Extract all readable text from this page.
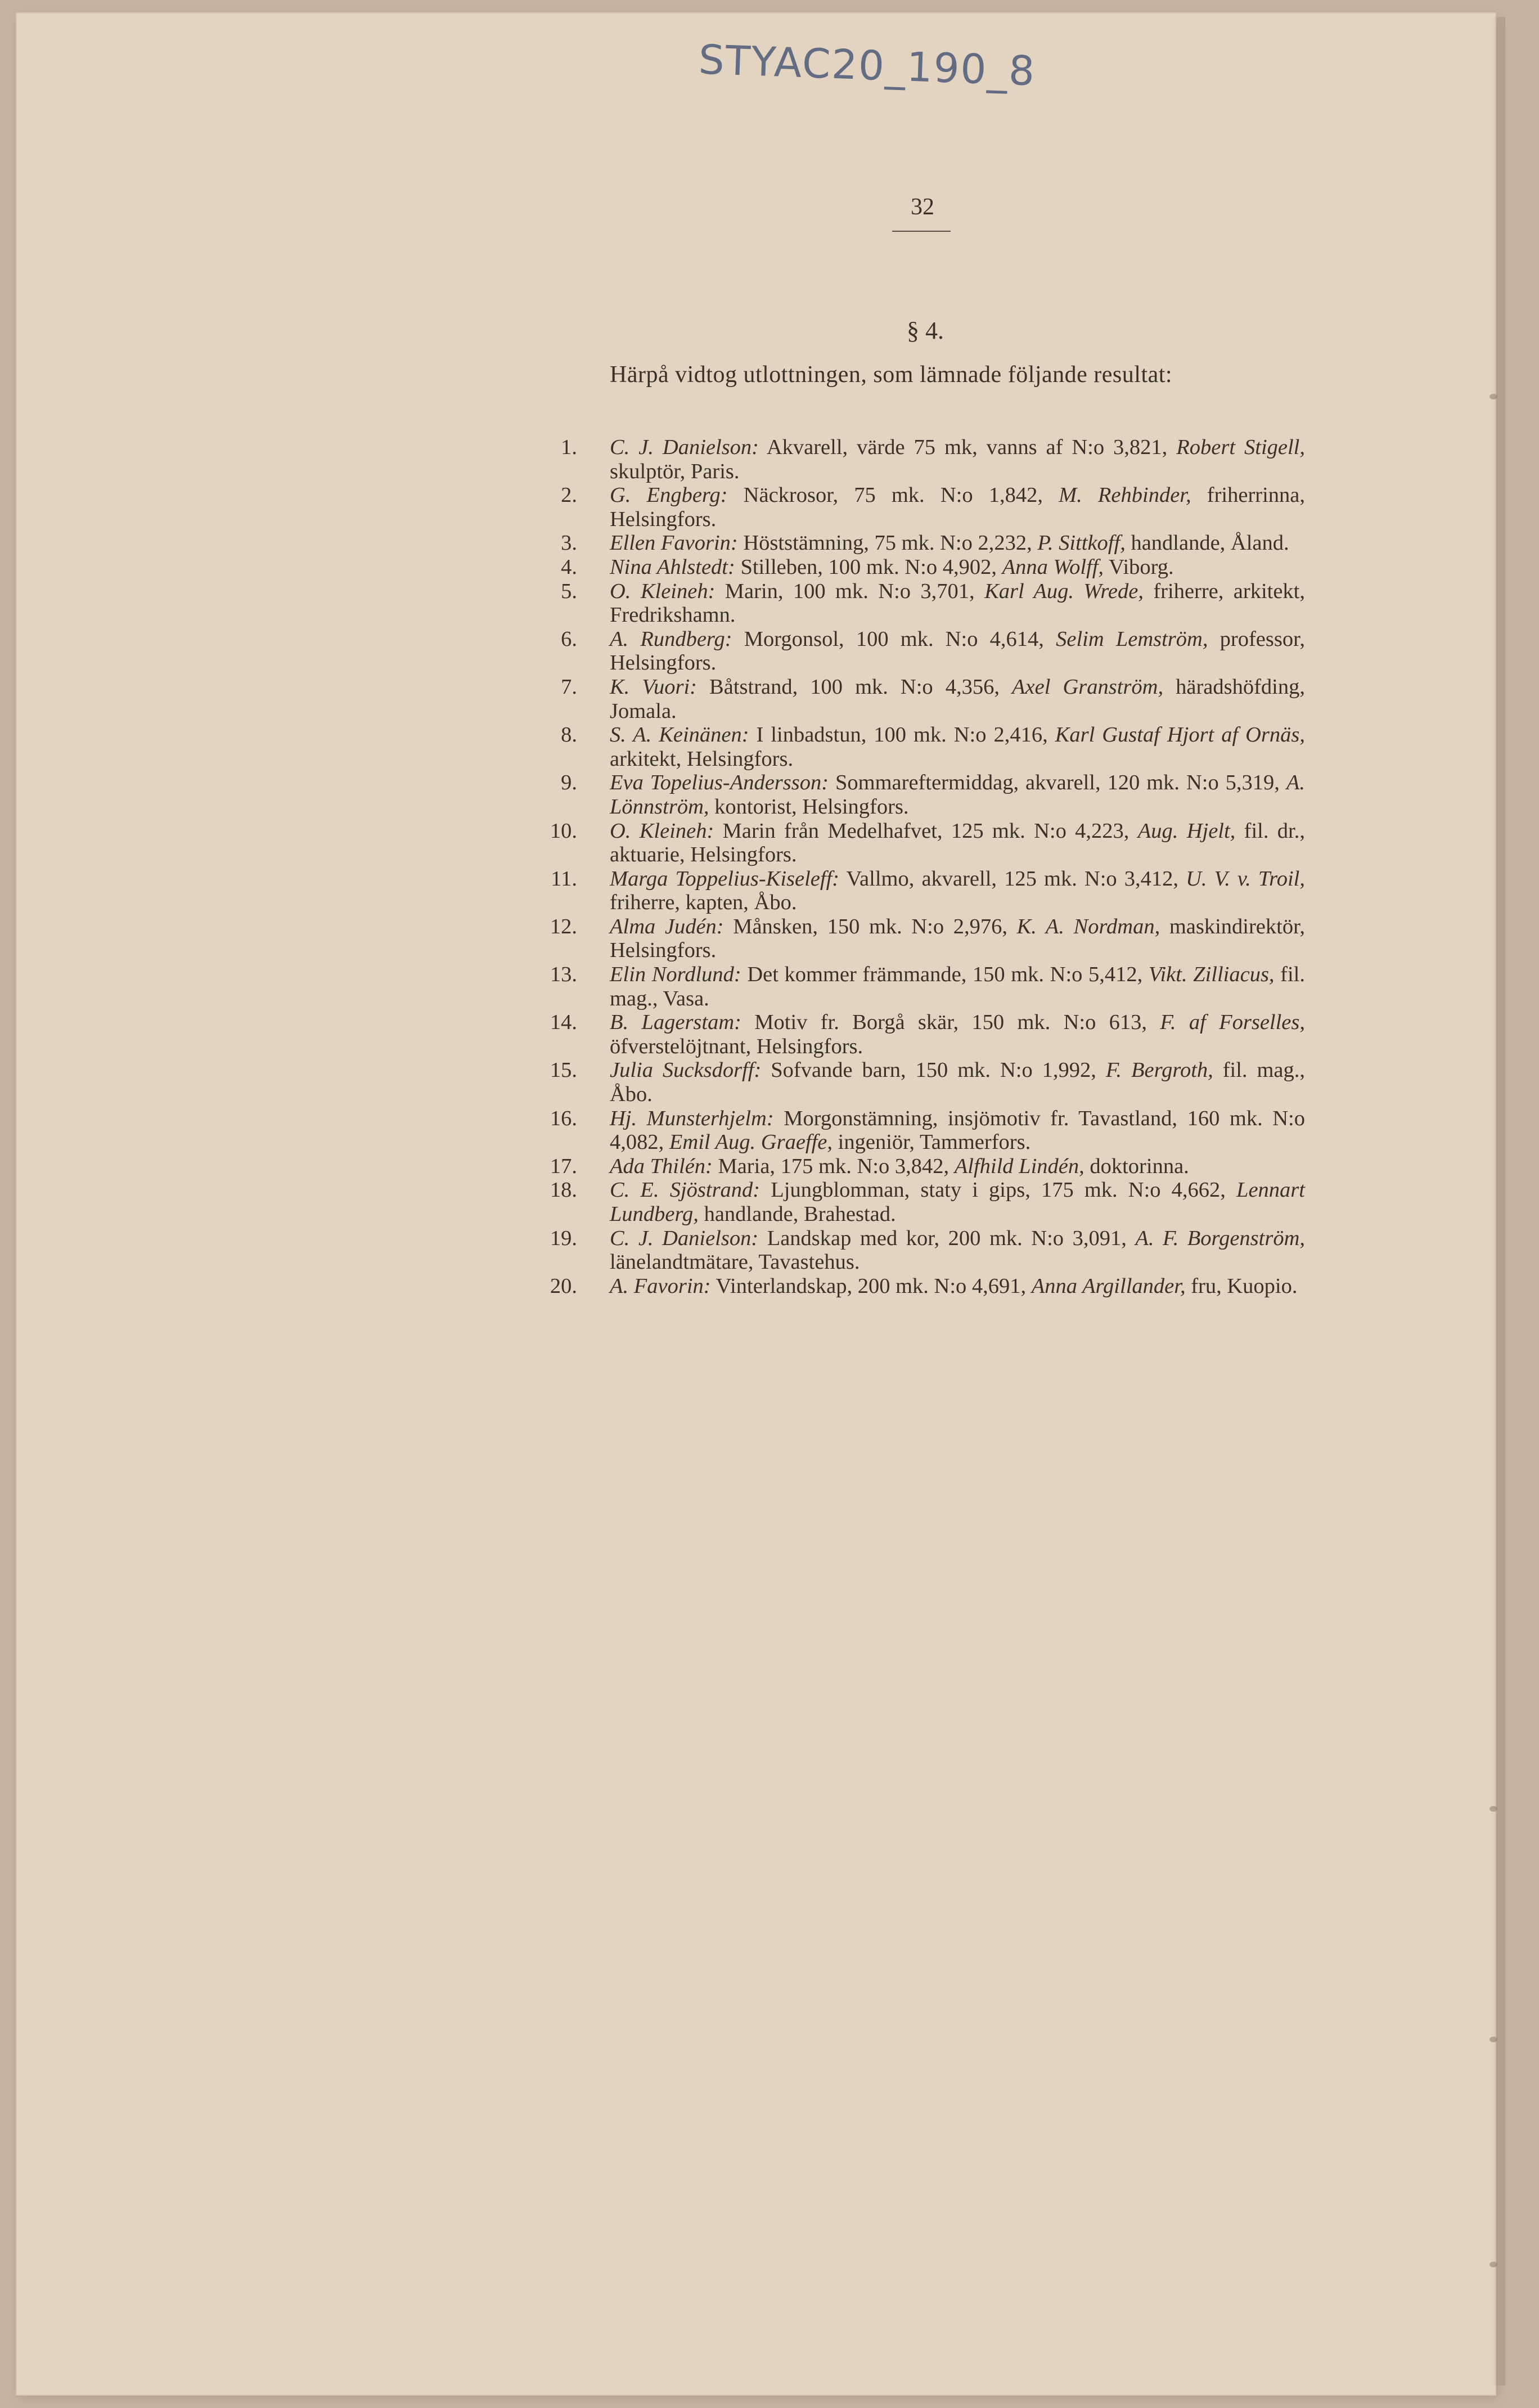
STYAC20_190_8
32
§ 4.
Härpå vidtog utlottningen, som lämnade följande resultat:
1. C. J. Danielson: Akvarell, värde 75 mk, vanns af N:o 3,821, Robert Stigell, skulptör, Paris.
2. G. Engberg: Näckrosor, 75 mk. N:o 1,842, M. Rehbinder, friherrinna, Helsingfors.
3. Ellen Favorin: Höststämning, 75 mk. N:o 2,232, P. Sittkoff, handlande, Åland.
4. Nina Ahlstedt: Stilleben, 100 mk. N:o 4,902, Anna Wolff, Viborg.
5. O. Kleineh: Marin, 100 mk. N:o 3,701, Karl Aug. Wrede, friherre, arkitekt, Fredrikshamn.
6. A. Rundberg: Morgonsol, 100 mk. N:o 4,614, Selim Lemström, professor, Helsingfors.
7. K. Vuori: Båtstrand, 100 mk. N:o 4,356, Axel Granström, häradshöfding, Jomala.
8. S. A. Keinänen: I linbadstun, 100 mk. N:o 2,416, Karl Gustaf Hjort af Ornäs, arkitekt, Helsingfors.
9. Eva Topelius-Andersson: Sommareftermiddag, akvarell, 120 mk. N:o 5,319, A. Lönnström, kontorist, Helsingfors.
10. O. Kleineh: Marin från Medelhafvet, 125 mk. N:o 4,223, Aug. Hjelt, fil. dr., aktuarie, Helsingfors.
11. Marga Toppelius-Kiseleff: Vallmo, akvarell, 125 mk. N:o 3,412, U. V. v. Troil, friherre, kapten, Åbo.
12. Alma Judén: Månsken, 150 mk. N:o 2,976, K. A. Nordman, maskindirektör, Helsingfors.
13. Elin Nordlund: Det kommer främmande, 150 mk. N:o 5,412, Vikt. Zilliacus, fil. mag., Vasa.
14. B. Lagerstam: Motiv fr. Borgå skär, 150 mk. N:o 613, F. af Forselles, öfverstelöjtnant, Helsingfors.
15. Julia Sucksdorff: Sofvande barn, 150 mk. N:o 1,992, F. Bergroth, fil. mag., Åbo.
16. Hj. Munsterhjelm: Morgonstämning, insjömotiv fr. Tavastland, 160 mk. N:o 4,082, Emil Aug. Graeffe, ingeniör, Tammerfors.
17. Ada Thilén: Maria, 175 mk. N:o 3,842, Alfhild Lindén, doktorinna.
18. C. E. Sjöstrand: Ljungblomman, staty i gips, 175 mk. N:o 4,662, Lennart Lundberg, handlande, Brahestad.
19. C. J. Danielson: Landskap med kor, 200 mk. N:o 3,091, A. F. Borgenström, länelandtmätare, Tavastehus.
20. A. Favorin: Vinterlandskap, 200 mk. N:o 4,691, Anna Argillander, fru, Kuopio.
